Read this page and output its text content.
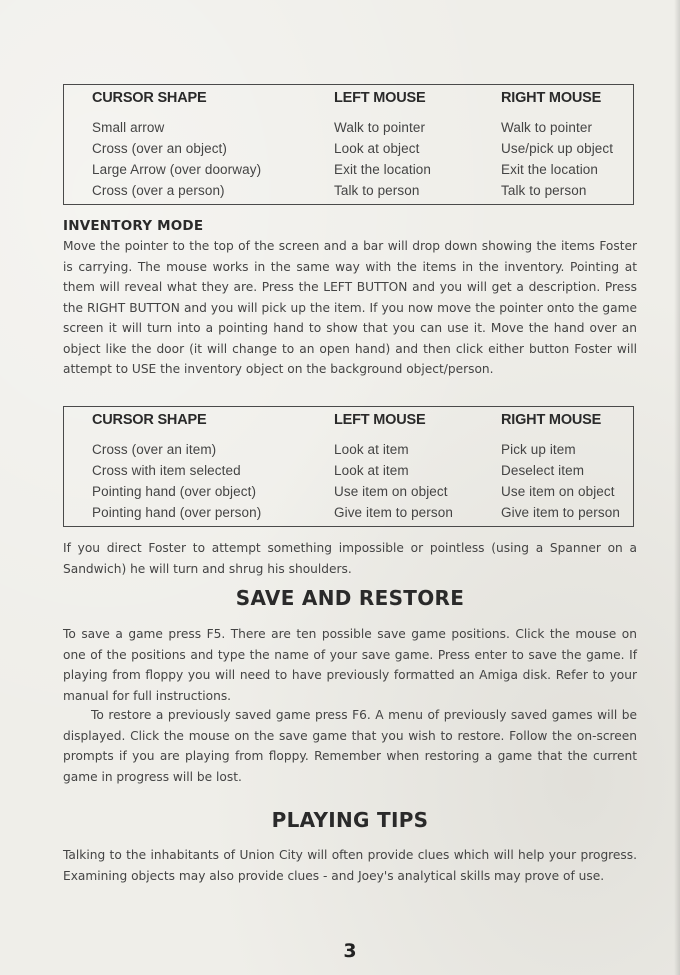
CURSOR SHAPE	LEFT MOUSE	RIGHT MOUSE
Small arrow	Walk to pointer	Walk to pointer
Cross (over an object)	Look at object	Use/pick up object
Large Arrow (over doorway)	Exit the location	Exit the location
Cross (over a person)	Talk to person	Talk to person
INVENTORY MODE

Move the pointer to the top of the screen and a bar will drop down showing the items Foster is carrying. The mouse works in the same way with the items in the inventory. Pointing at them will reveal what they are. Press the LEFT BUTTON and you will get a description. Press the RIGHT BUTTON and you will pick up the item. If you now move the pointer onto the game screen it will turn into a pointing hand to show that you can use it. Move the hand over an object like the door (it will change to an open hand) and then click either button Foster will attempt to USE the inventory object on the background object/person.

CURSOR SHAPE	LEFT MOUSE	RIGHT MOUSE
Cross (over an item)	Look at item	Pick up item
Cross with item selected	Look at item	Deselect item
Pointing hand (over object)	Use item on object	Use item on object
Pointing hand (over person)	Give item to person	Give item to person

If you direct Foster to attempt something impossible or pointless (using a Spanner on a Sandwich) he will turn and shrug his shoulders.

SAVE AND RESTORE

To save a game press F5. There are ten possible save game positions. Click the mouse on one of the positions and type the name of your save game. Press enter to save the game. If playing from floppy you will need to have previously formatted an Amiga disk. Refer to your manual for full instructions.

To restore a previously saved game press F6. A menu of previously saved games will be displayed. Click the mouse on the save game that you wish to restore. Follow the on-screen prompts if you are playing from floppy. Remember when restoring a game that the current game in progress will be lost.

PLAYING TIPS

Talking to the inhabitants of Union City will often provide clues which will help your progress. Examining objects may also provide clues - and Joey's analytical skills may prove of use.

3
